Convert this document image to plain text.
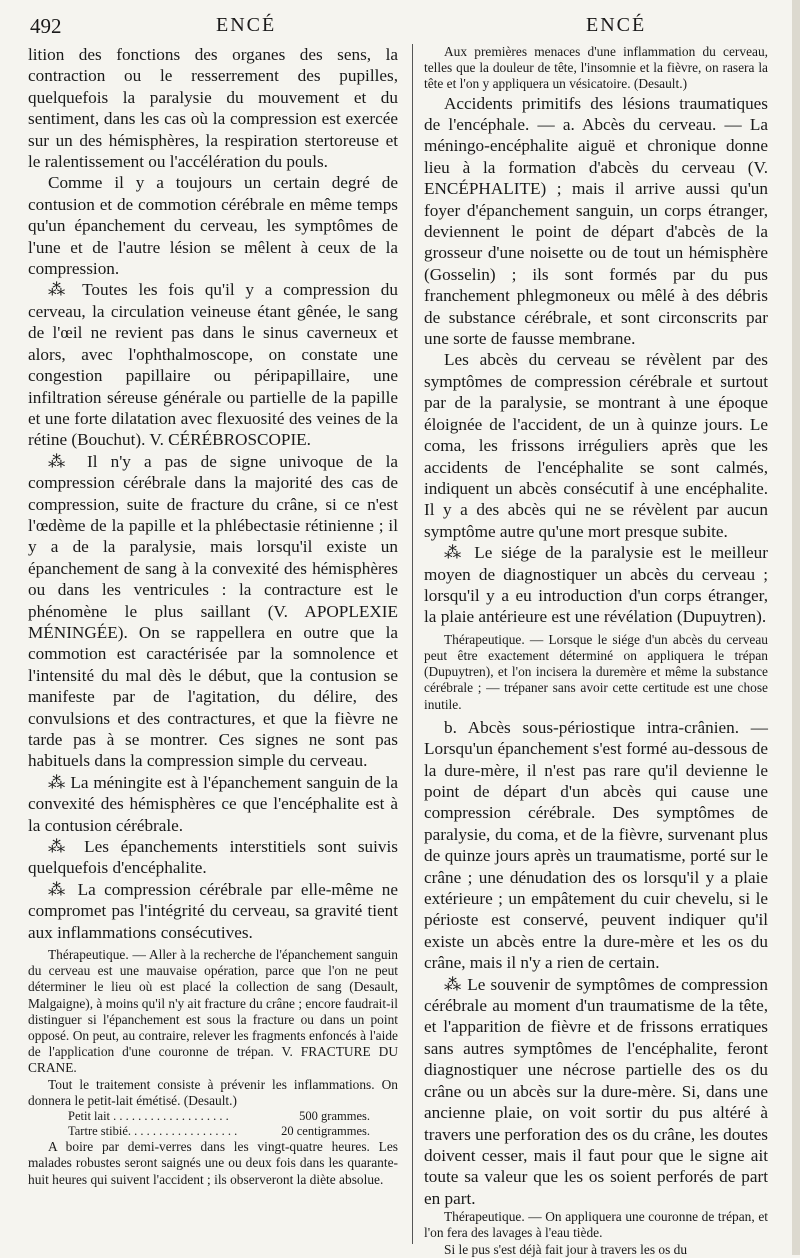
492	ENCÉ	ENCÉ

lition des fonctions des organes des sens, la contraction ou le resserrement des pupilles, quelquefois la paralysie du mouvement et du sentiment, dans les cas où la compression est exercée sur un des hémisphères, la respiration stertoreuse et le ralentissement ou l'accélération du pouls.

Comme il y a toujours un certain degré de contusion et de commotion cérébrale en même temps qu'un épanchement du cerveau, les symptômes de l'une et de l'autre lésion se mêlent à ceux de la compression.

⁂ Toutes les fois qu'il y a compression du cerveau, la circulation veineuse étant gênée, le sang de l'œil ne revient pas dans le sinus caverneux et alors, avec l'ophthalmoscope, on constate une congestion papillaire ou péripapillaire, une infiltration séreuse générale ou partielle de la papille et une forte dilatation avec flexuosité des veines de la rétine (Bouchut). V. CÉRÉBROSCOPIE.

⁂ Il n'y a pas de signe univoque de la compression cérébrale dans la majorité des cas de compression, suite de fracture du crâne, si ce n'est l'œdème de la papille et la phlébectasie rétinienne ; il y a de la paralysie, mais lorsqu'il existe un épanchement de sang à la convexité des hémisphères ou dans les ventricules : la contracture est le phénomène le plus saillant (V. APOPLEXIE MÉNINGÉE). On se rappellera en outre que la commotion est caractérisée par la somnolence et l'intensité du mal dès le début, que la contusion se manifeste par de l'agitation, du délire, des convulsions et des contractures, et que la fièvre ne tarde pas à se montrer. Ces signes ne sont pas habituels dans la compression simple du cerveau.

⁂ La méningite est à l'épanchement sanguin de la convexité des hémisphères ce que l'encéphalite est à la contusion cérébrale.

⁂ Les épanchements interstitiels sont suivis quelquefois d'encéphalite.

⁂ La compression cérébrale par elle-même ne compromet pas l'intégrité du cerveau, sa gravité tient aux inflammations consécutives.

Thérapeutique. — Aller à la recherche de l'épanchement sanguin du cerveau est une mauvaise opération, parce que l'on ne peut déterminer le lieu où est placé la collection de sang (Desault, Malgaigne), à moins qu'il n'y ait fracture du crâne ; encore faudrait-il distinguer si l'épanchement est sous la fracture ou dans un point opposé. On peut, au contraire, relever les fragments enfoncés à l'aide de l'application d'une couronne de trépan. V. FRACTURE DU CRANE.

Tout le traitement consiste à prévenir les inflammations. On donnera le petit-lait émétisé. (Desault.)

Petit lait . . . . . . . . . . . . . . . . . . .	500 grammes.
Tartre stibié. . . . . . . . . . . . . . . . . .	20 centigrammes.

A boire par demi-verres dans les vingt-quatre heures. Les malades robustes seront saignés une ou deux fois dans les quarante-huit heures qui suivent l'accident ; ils observeront la diète absolue.

Aux premières menaces d'une inflammation du cerveau, telles que la douleur de tête, l'insomnie et la fièvre, on rasera la tête et l'on y appliquera un vésicatoire. (Desault.)

Accidents primitifs des lésions traumatiques de l'encéphale. — a. Abcès du cerveau. — La méningo-encéphalite aiguë et chronique donne lieu à la formation d'abcès du cerveau (V. ENCÉPHALITE) ; mais il arrive aussi qu'un foyer d'épanchement sanguin, un corps étranger, deviennent le point de départ d'abcès de la grosseur d'une noisette ou de tout un hémisphère (Gosselin) ; ils sont formés par du pus franchement phlegmoneux ou mêlé à des débris de substance cérébrale, et sont circonscrits par une sorte de fausse membrane.

Les abcès du cerveau se révèlent par des symptômes de compression cérébrale et surtout par de la paralysie, se montrant à une époque éloignée de l'accident, de un à quinze jours. Le coma, les frissons irréguliers après que les accidents de l'encéphalite se sont calmés, indiquent un abcès consécutif à une encéphalite. Il y a des abcès qui ne se révèlent par aucun symptôme autre qu'une mort presque subite.

⁂ Le siége de la paralysie est le meilleur moyen de diagnostiquer un abcès du cerveau ; lorsqu'il y a eu introduction d'un corps étranger, la plaie antérieure est une révélation (Dupuytren).

Thérapeutique. — Lorsque le siége d'un abcès du cerveau peut être exactement déterminé on appliquera le trépan (Dupuytren), et l'on incisera la duremère et même la substance cérébrale ; — trépaner sans avoir cette certitude est une chose inutile.

b. Abcès sous-périostique intra-crânien. — Lorsqu'un épanchement s'est formé au-dessous de la dure-mère, il n'est pas rare qu'il devienne le point de départ d'un abcès qui cause une compression cérébrale. Des symptômes de paralysie, du coma, et de la fièvre, survenant plus de quinze jours après un traumatisme, porté sur le crâne ; une dénudation des os lorsqu'il y a plaie extérieure ; un empâtement du cuir chevelu, si le périoste est conservé, peuvent indiquer qu'il existe un abcès entre la dure-mère et les os du crâne, mais il n'y a rien de certain.

⁂ Le souvenir de symptômes de compression cérébrale au moment d'un traumatisme de la tête, et l'apparition de fièvre et de frissons erratiques sans autres symptômes de l'encéphalite, feront diagnostiquer une nécrose partielle des os du crâne ou un abcès sur la dure-mère. Si, dans une ancienne plaie, on voit sortir du pus altéré à travers une perforation des os du crâne, les doutes doivent cesser, mais il faut pour que le signe ait toute sa valeur que les os soient perforés de part en part.

Thérapeutique. — On appliquera une couronne de trépan, et l'on fera des lavages à l'eau tiède.

Si le pus s'est déjà fait jour à travers les os du
